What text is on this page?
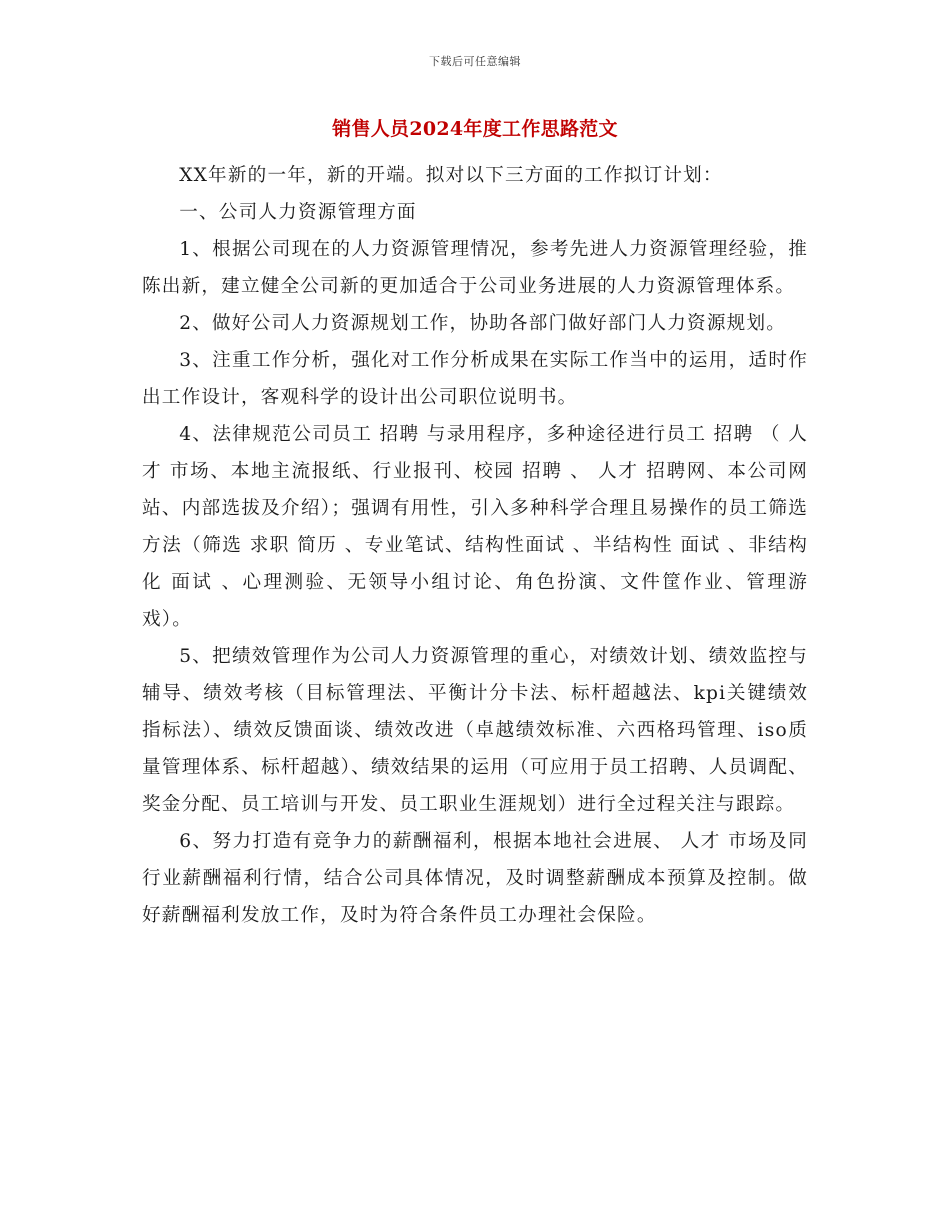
下载后可任意编辑
销售人员2024年度工作思路范文

XX年新的一年，新的开端。拟对以下三方面的工作拟订计划：

一、公司人力资源管理方面

1、根据公司现在的人力资源管理情况，参考先进人力资源管理经验，推陈出新，建立健全公司新的更加适合于公司业务进展的人力资源管理体系。

2、做好公司人力资源规划工作，协助各部门做好部门人力资源规划。

3、注重工作分析，强化对工作分析成果在实际工作当中的运用，适时作出工作设计，客观科学的设计出公司职位说明书。

4、法律规范公司员工 招聘 与录用程序，多种途径进行员工 招聘 （ 人才 市场、本地主流报纸、行业报刊、校园 招聘 、 人才 招聘网、本公司网站、内部选拔及介绍）；强调有用性，引入多种科学合理且易操作的员工筛选方法（筛选 求职 简历 、专业笔试、结构性面试 、半结构性 面试 、非结构化 面试 、心理测验、无领导小组讨论、角色扮演、文件筐作业、管理游戏）。

5、把绩效管理作为公司人力资源管理的重心，对绩效计划、绩效监控与辅导、绩效考核（目标管理法、平衡计分卡法、标杆超越法、kpi关键绩效指标法）、绩效反馈面谈、绩效改进（卓越绩效标准、六西格玛管理、iso质量管理体系、标杆超越）、绩效结果的运用（可应用于员工招聘、人员调配、奖金分配、员工培训与开发、员工职业生涯规划）进行全过程关注与跟踪。

6、努力打造有竞争力的薪酬福利，根据本地社会进展、 人才 市场及同行业薪酬福利行情，结合公司具体情况，及时调整薪酬成本预算及控制。做好薪酬福利发放工作，及时为符合条件员工办理社会保险。
